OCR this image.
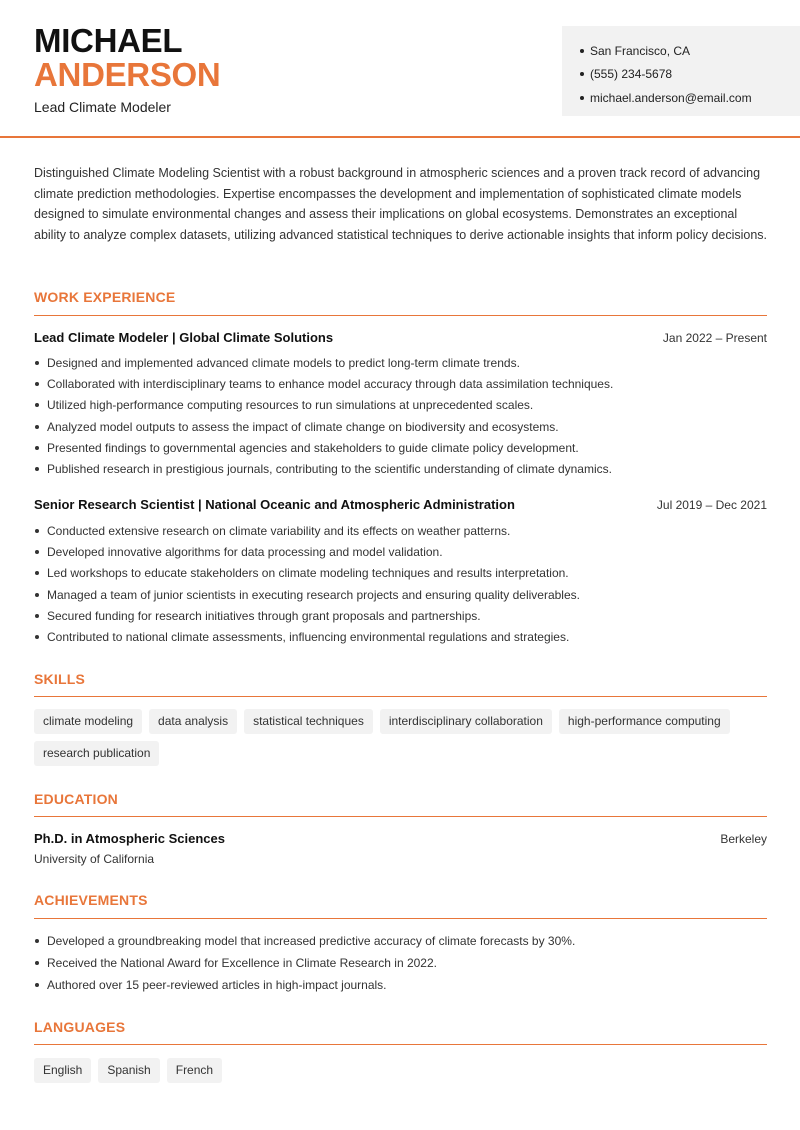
MICHAEL
ANDERSON
Lead Climate Modeler
San Francisco, CA
(555) 234-5678
michael.anderson@email.com
Distinguished Climate Modeling Scientist with a robust background in atmospheric sciences and a proven track record of advancing climate prediction methodologies. Expertise encompasses the development and implementation of sophisticated climate models designed to simulate environmental changes and assess their implications on global ecosystems. Demonstrates an exceptional ability to analyze complex datasets, utilizing advanced statistical techniques to derive actionable insights that inform policy decisions.
WORK EXPERIENCE
Lead Climate Modeler | Global Climate Solutions	Jan 2022 – Present
Designed and implemented advanced climate models to predict long-term climate trends.
Collaborated with interdisciplinary teams to enhance model accuracy through data assimilation techniques.
Utilized high-performance computing resources to run simulations at unprecedented scales.
Analyzed model outputs to assess the impact of climate change on biodiversity and ecosystems.
Presented findings to governmental agencies and stakeholders to guide climate policy development.
Published research in prestigious journals, contributing to the scientific understanding of climate dynamics.
Senior Research Scientist | National Oceanic and Atmospheric Administration	Jul 2019 – Dec 2021
Conducted extensive research on climate variability and its effects on weather patterns.
Developed innovative algorithms for data processing and model validation.
Led workshops to educate stakeholders on climate modeling techniques and results interpretation.
Managed a team of junior scientists in executing research projects and ensuring quality deliverables.
Secured funding for research initiatives through grant proposals and partnerships.
Contributed to national climate assessments, influencing environmental regulations and strategies.
SKILLS
climate modeling	data analysis	statistical techniques	interdisciplinary collaboration	high-performance computing
research publication
EDUCATION
Ph.D. in Atmospheric Sciences	Berkeley
University of California
ACHIEVEMENTS
Developed a groundbreaking model that increased predictive accuracy of climate forecasts by 30%.
Received the National Award for Excellence in Climate Research in 2022.
Authored over 15 peer-reviewed articles in high-impact journals.
LANGUAGES
English	Spanish	French
